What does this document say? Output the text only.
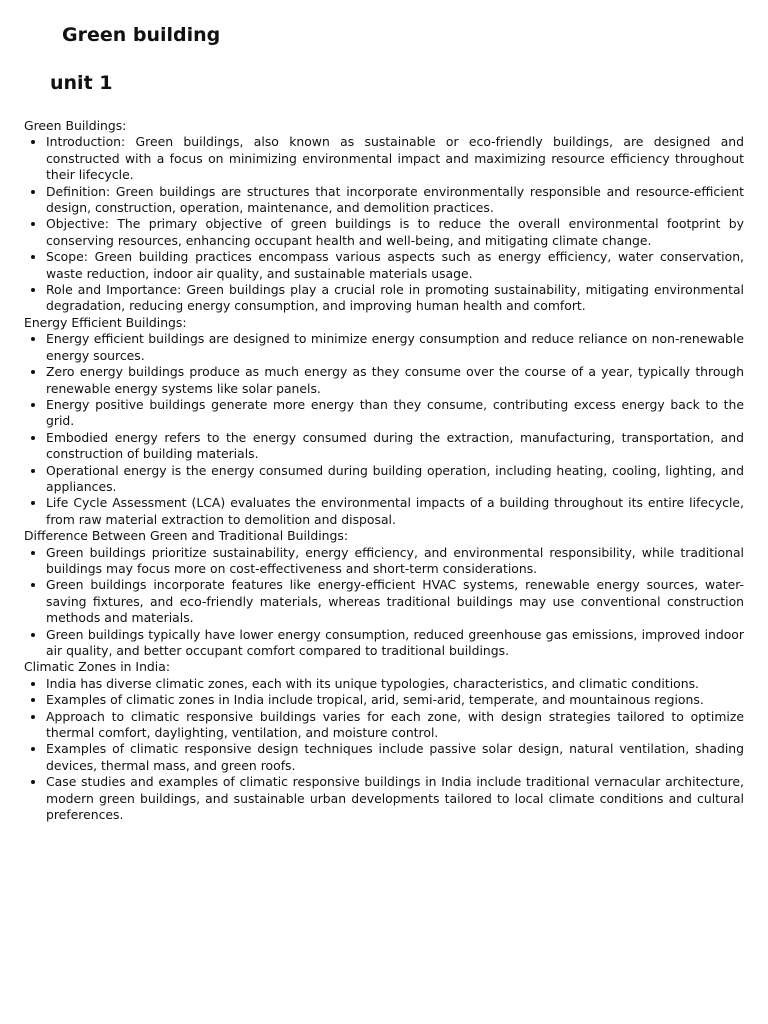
Green building
unit 1

Green Buildings:

• Introduction: Green buildings, also known as sustainable or eco-friendly buildings, are designed and constructed with a focus on minimizing environmental impact and maximizing resource efficiency throughout their lifecycle.
• Definition: Green buildings are structures that incorporate environmentally responsible and resource-efficient design, construction, operation, maintenance, and demolition practices.
• Objective: The primary objective of green buildings is to reduce the overall environmental footprint by conserving resources, enhancing occupant health and well-being, and mitigating climate change.
• Scope: Green building practices encompass various aspects such as energy efficiency, water conservation, waste reduction, indoor air quality, and sustainable materials usage.
• Role and Importance: Green buildings play a crucial role in promoting sustainability, mitigating environmental degradation, reducing energy consumption, and improving human health and comfort.

Energy Efficient Buildings:

• Energy efficient buildings are designed to minimize energy consumption and reduce reliance on non-renewable energy sources.
• Zero energy buildings produce as much energy as they consume over the course of a year, typically through renewable energy systems like solar panels.
• Energy positive buildings generate more energy than they consume, contributing excess energy back to the grid.
• Embodied energy refers to the energy consumed during the extraction, manufacturing, transportation, and construction of building materials.
• Operational energy is the energy consumed during building operation, including heating, cooling, lighting, and appliances.
• Life Cycle Assessment (LCA) evaluates the environmental impacts of a building throughout its entire lifecycle, from raw material extraction to demolition and disposal.

Difference Between Green and Traditional Buildings:

• Green buildings prioritize sustainability, energy efficiency, and environmental responsibility, while traditional buildings may focus more on cost-effectiveness and short-term considerations.
• Green buildings incorporate features like energy-efficient HVAC systems, renewable energy sources, water-saving fixtures, and eco-friendly materials, whereas traditional buildings may use conventional construction methods and materials.
• Green buildings typically have lower energy consumption, reduced greenhouse gas emissions, improved indoor air quality, and better occupant comfort compared to traditional buildings.

Climatic Zones in India:

• India has diverse climatic zones, each with its unique typologies, characteristics, and climatic conditions.
• Examples of climatic zones in India include tropical, arid, semi-arid, temperate, and mountainous regions.
• Approach to climatic responsive buildings varies for each zone, with design strategies tailored to optimize thermal comfort, daylighting, ventilation, and moisture control.
• Examples of climatic responsive design techniques include passive solar design, natural ventilation, shading devices, thermal mass, and green roofs.
• Case studies and examples of climatic responsive buildings in India include traditional vernacular architecture, modern green buildings, and sustainable urban developments tailored to local climate conditions and cultural preferences.
